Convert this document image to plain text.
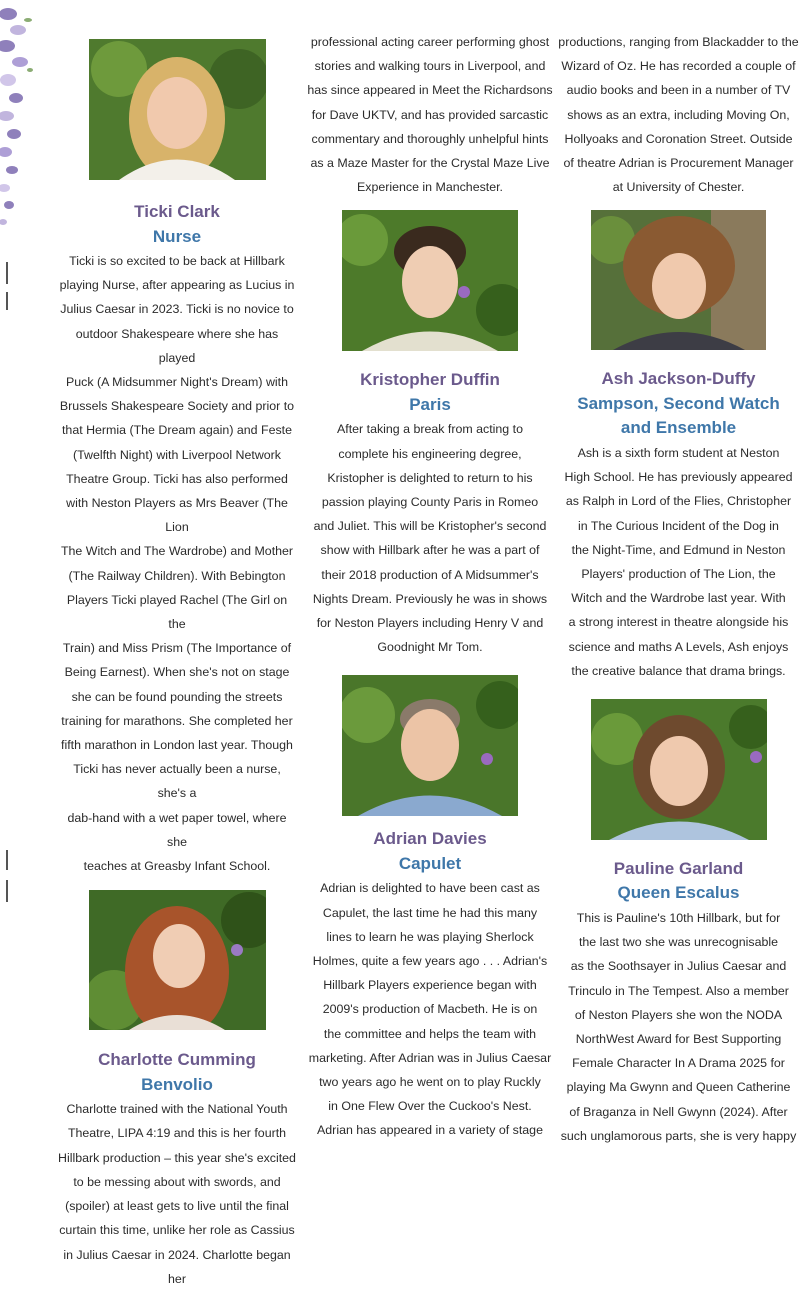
Ticki Clark

Nurse

Ticki is so excited to be back at Hillbark

playing Nurse, after appearing as Lucius in

Julius Caesar in 2023. Ticki is no novice to

outdoor Shakespeare where she has played

Puck (A Midsummer Night's Dream) with

Brussels Shakespeare Society and prior to

that Hermia (The Dream again) and Feste

(Twelfth Night) with Liverpool Network

Theatre Group. Ticki has also performed

with Neston Players as Mrs Beaver (The Lion

The Witch and The Wardrobe) and Mother

(The Railway Children). With Bebington

Players Ticki played Rachel (The Girl on the

Train) and Miss Prism (The Importance of

Being Earnest). When she's not on stage

she can be found pounding the streets

training for marathons. She completed her

fifth marathon in London last year. Though

Ticki has never actually been a nurse, she's a

dab-hand with a wet paper towel, where she

teaches at Greasby Infant School.

Charlotte Cumming

Benvolio

Charlotte trained with the National Youth

Theatre, LIPA 4:19 and this is her fourth

Hillbark production – this year she's excited

to be messing about with swords, and

(spoiler) at least gets to live until the final

curtain this time, unlike her role as Cassius

in Julius Caesar in 2024. Charlotte began her

professional acting career performing ghost

stories and walking tours in Liverpool, and

has since appeared in Meet the Richardsons

for Dave UKTV, and has provided sarcastic

commentary and thoroughly unhelpful hints

as a Maze Master for the Crystal Maze Live

Experience in Manchester.

Kristopher Duffin

Paris

After taking a break from acting to

complete his engineering degree,

Kristopher is delighted to return to his

passion playing County Paris in Romeo

and Juliet. This will be Kristopher's second

show with Hillbark after he was a part of

their 2018 production of A Midsummer's

Nights Dream. Previously he was in shows

for Neston Players including Henry V and

Goodnight Mr Tom.

Adrian Davies

Capulet

Adrian is delighted to have been cast as

Capulet, the last time he had this many

lines to learn he was playing Sherlock

Holmes, quite a few years ago . . . Adrian's

Hillbark Players experience began with

2009's production of Macbeth. He is on

the committee and helps the team with

marketing. After Adrian was in Julius Caesar

two years ago he went on to play Ruckly

in One Flew Over the Cuckoo's Nest.

Adrian has appeared in a variety of stage

productions, ranging from Blackadder to the

Wizard of Oz. He has recorded a couple of

audio books and been in a number of TV

shows as an extra, including Moving On,

Hollyoaks and Coronation Street. Outside

of theatre Adrian is Procurement Manager

at University of Chester.

Ash Jackson-Duffy

Sampson, Second Watch

and Ensemble

Ash is a sixth form student at Neston

High School. He has previously appeared

as Ralph in Lord of the Flies, Christopher

in The Curious Incident of the Dog in

the Night-Time, and Edmund in Neston

Players' production of The Lion, the

Witch and the Wardrobe last year. With

a strong interest in theatre alongside his

science and maths A Levels, Ash enjoys

the creative balance that drama brings.

Pauline Garland

Queen Escalus

This is Pauline's 10th Hillbark, but for

the last two she was unrecognisable

as the Soothsayer in Julius Caesar and

Trinculo in The Tempest. Also a member

of Neston Players she won the NODA

NorthWest Award for Best Supporting

Female Character In A Drama 2025 for

playing Ma Gwynn and Queen Catherine

of Braganza in Nell Gwynn (2024). After

such unglamorous parts, she is very happy
